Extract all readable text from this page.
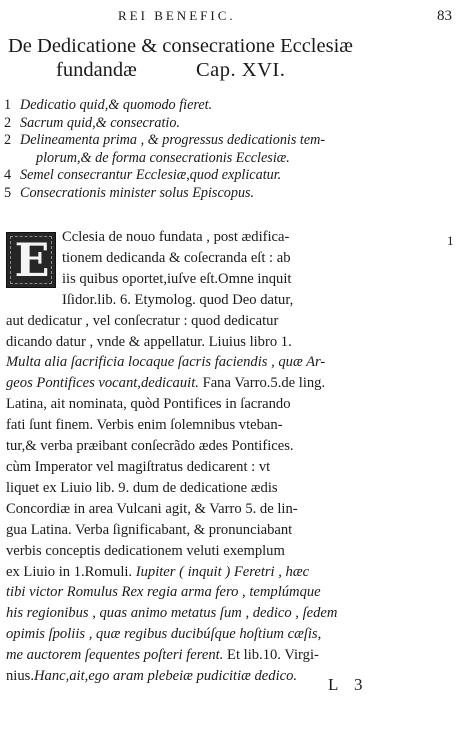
REI BENEFIC.	83
De Dedicatione & consecratione Ecclesiæ
fundandæ	Cap. XVI.
1 Dedicatio quid,& quomodo fieret.
2 Sacrum quid,& consecratio.
2 Delineamenta prima , & progressus dedicationis tem-
plorum,& de forma consecrationis Ecclesiæ.
4 Semel consecrantur Ecclesiæ,quod explicatur.
5 Consecrationis minister solus Episcopus.
E	1
Cclesia de nouo fundata , post ædifica-
tionem dedicanda & coſecranda eſt : ab
iis quibus oportet,iuſve eſt.Omne inquit
Iſidor.lib. 6. Etymolog. quod Deo datur,
aut dedicatur , vel conſecratur : quod dedicatur
dicando datur , vnde & appellatur. Liuius libro 1.
Multa alia ſacrificia locaque ſacris faciendis , quæ Ar-
geos Pontifices vocant,dedicauit. Fana Varro.5.de ling.
Latina, ait nominata, quòd Pontifices in ſacrando
fati ſunt finem. Verbis enim ſolemnibus vteban-
tur,& verba præibant conſecrãdo ædes Pontifices.
cùm Imperator vel magiſtratus dedicarent : vt
liquet ex Liuio lib. 9. dum de dedicatione ædis
Concordiæ in area Vulcani agit, & Varro 5. de lin-
gua Latina. Verba ſignificabant, & pronunciabant
verbis conceptis dedicationem veluti exemplum
ex Liuio in 1.Romuli. Iupiter ( inquit ) Feretri , hæc
tibi victor Romulus Rex regia arma fero , templúmque
his regionibus , quas animo metatus ſum , dedico , ſedem
opimis ſpoliis , quæ regibus ducibúſque hoſtium cæſis,
me auctorem ſequentes poſteri ferent. Et lib.10. Virgi-
nius.Hanc,ait,ego aram plebeiæ pudicitiæ dedico.	L 3
